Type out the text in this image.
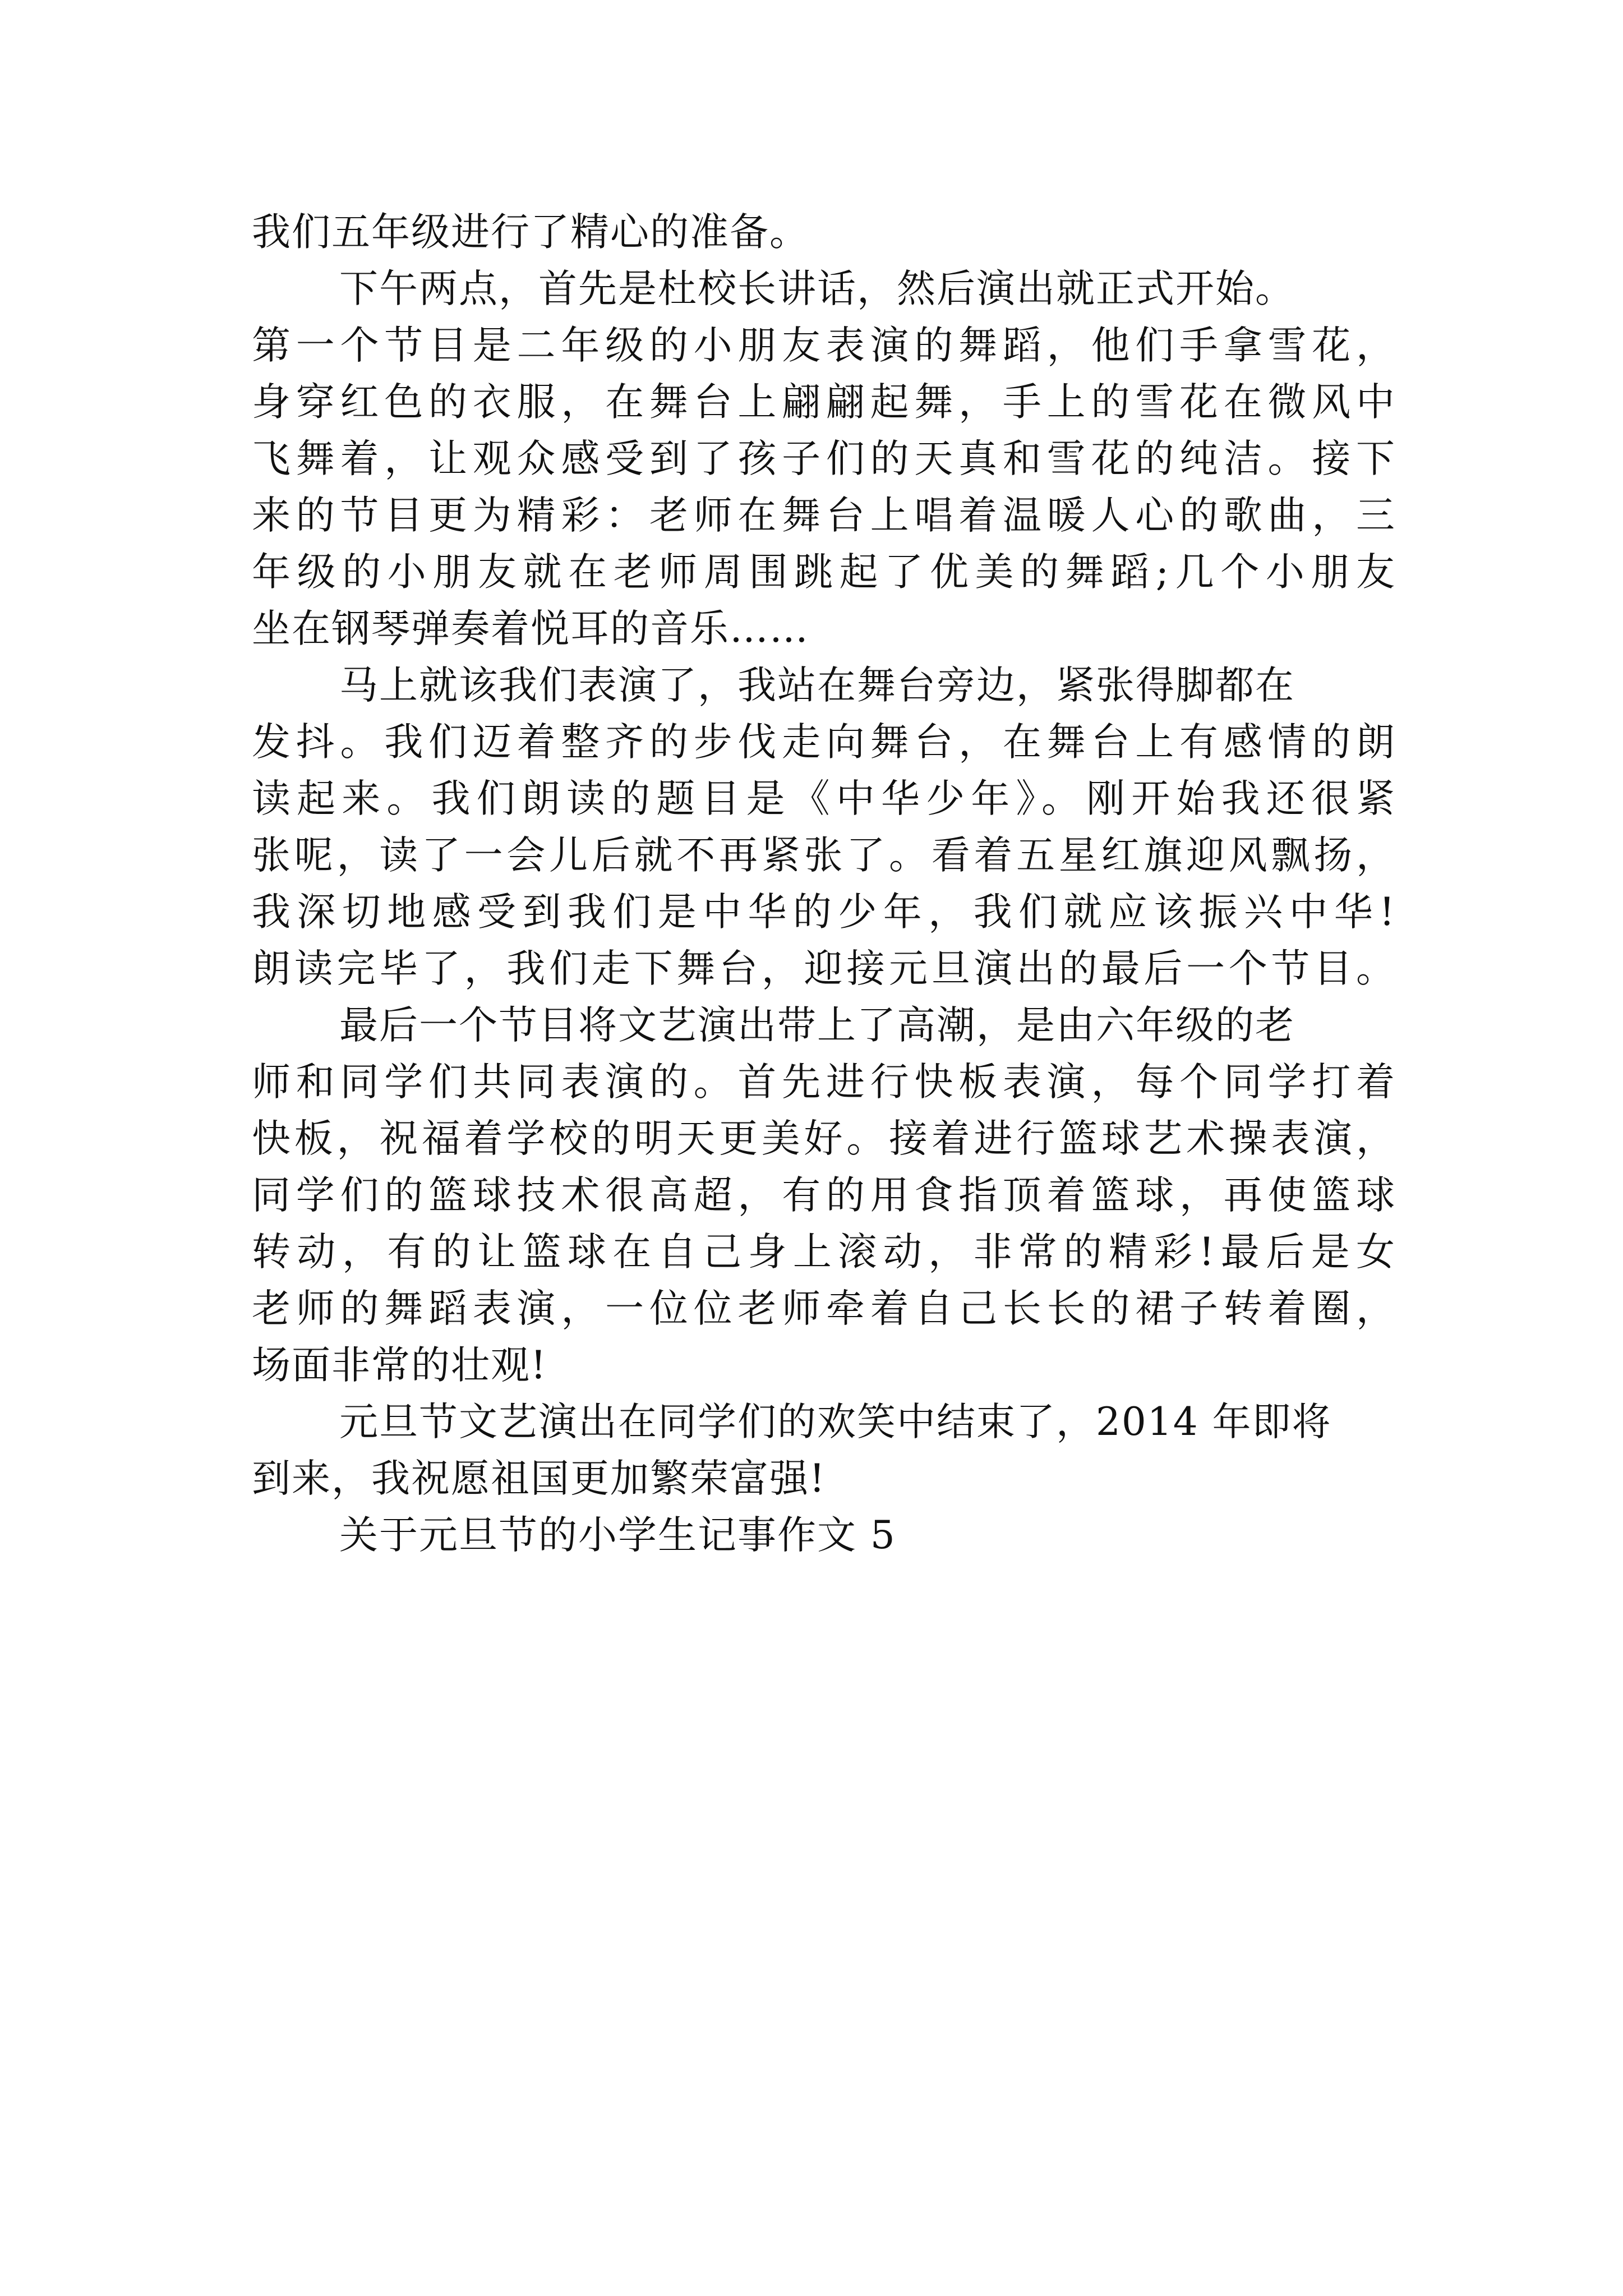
我们五年级进行了精心的准备。
下午两点，首先是杜校长讲话，然后演出就正式开始。
第一个节目是二年级的小朋友表演的舞蹈，他们手拿雪花，
身穿红色的衣服，在舞台上翩翩起舞，手上的雪花在微风中
飞舞着，让观众感受到了孩子们的天真和雪花的纯洁。接下
来的节目更为精彩：老师在舞台上唱着温暖人心的歌曲，三
年级的小朋友就在老师周围跳起了优美的舞蹈;几个小朋友
坐在钢琴弹奏着悦耳的音乐……
马上就该我们表演了，我站在舞台旁边，紧张得脚都在
发抖。我们迈着整齐的步伐走向舞台，在舞台上有感情的朗
读起来。我们朗读的题目是《中华少年》。刚开始我还很紧
张呢，读了一会儿后就不再紧张了。看着五星红旗迎风飘扬，
我深切地感受到我们是中华的少年，我们就应该振兴中华!
朗读完毕了，我们走下舞台，迎接元旦演出的最后一个节目。
最后一个节目将文艺演出带上了高潮，是由六年级的老
师和同学们共同表演的。首先进行快板表演，每个同学打着
快板，祝福着学校的明天更美好。接着进行篮球艺术操表演，
同学们的篮球技术很高超，有的用食指顶着篮球，再使篮球
转动，有的让篮球在自己身上滚动，非常的精彩!最后是女
老师的舞蹈表演，一位位老师牵着自己长长的裙子转着圈，
场面非常的壮观!
元旦节文艺演出在同学们的欢笑中结束了，2014 年即将
到来，我祝愿祖国更加繁荣富强!
关于元旦节的小学生记事作文 5
